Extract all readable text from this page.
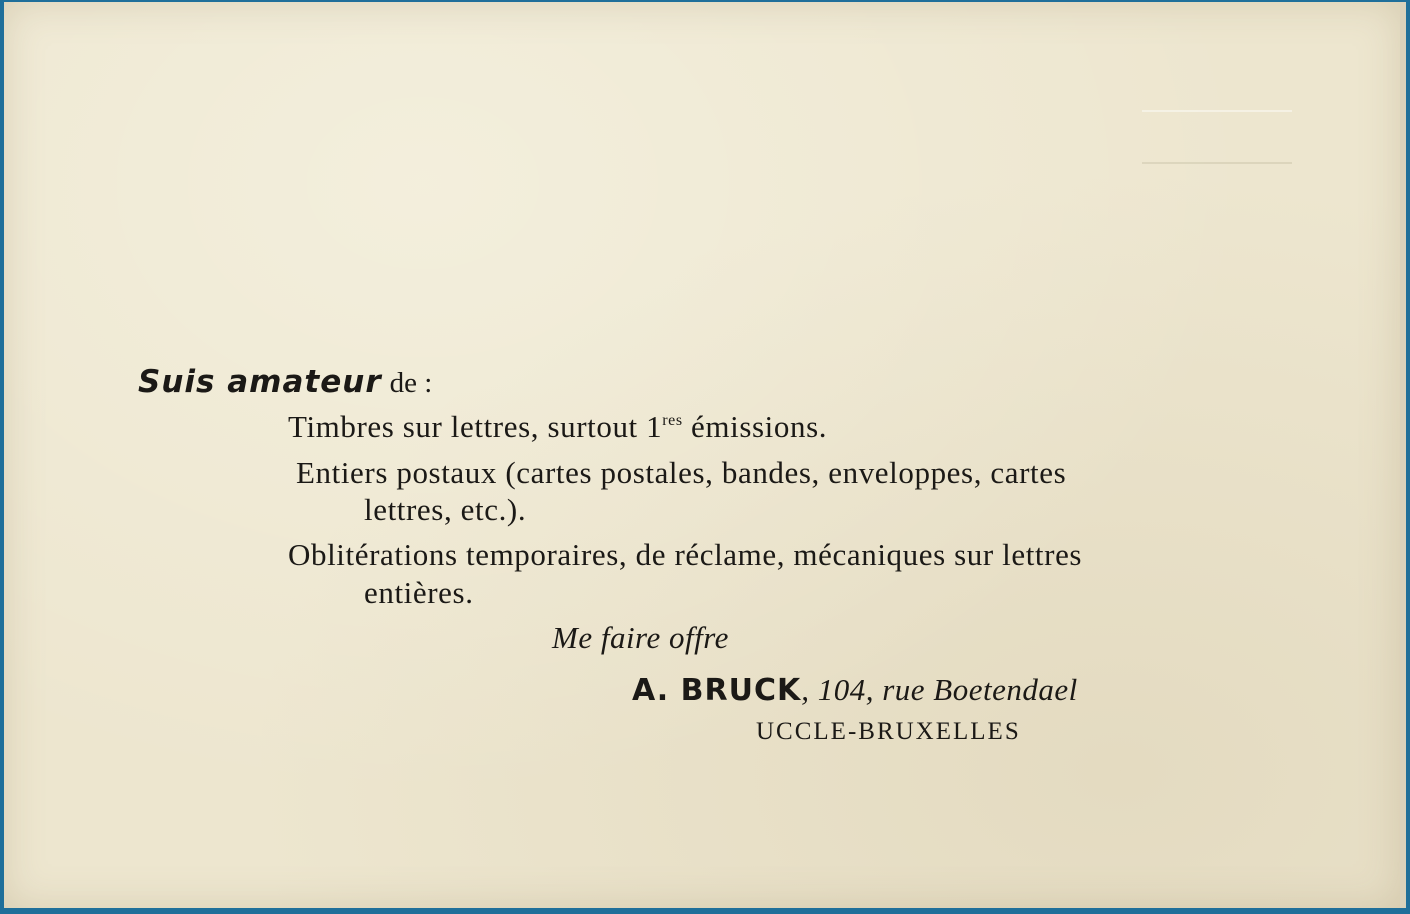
Suis amateur de :
Timbres sur lettres, surtout 1res émissions.
Entiers postaux (cartes postales, bandes, enveloppes, cartes
lettres, etc.).
Oblitérations temporaires, de réclame, mécaniques sur lettres
entières.
Me faire offre
A. BRUCK, 104, rue Boetendael
UCCLE-BRUXELLES
